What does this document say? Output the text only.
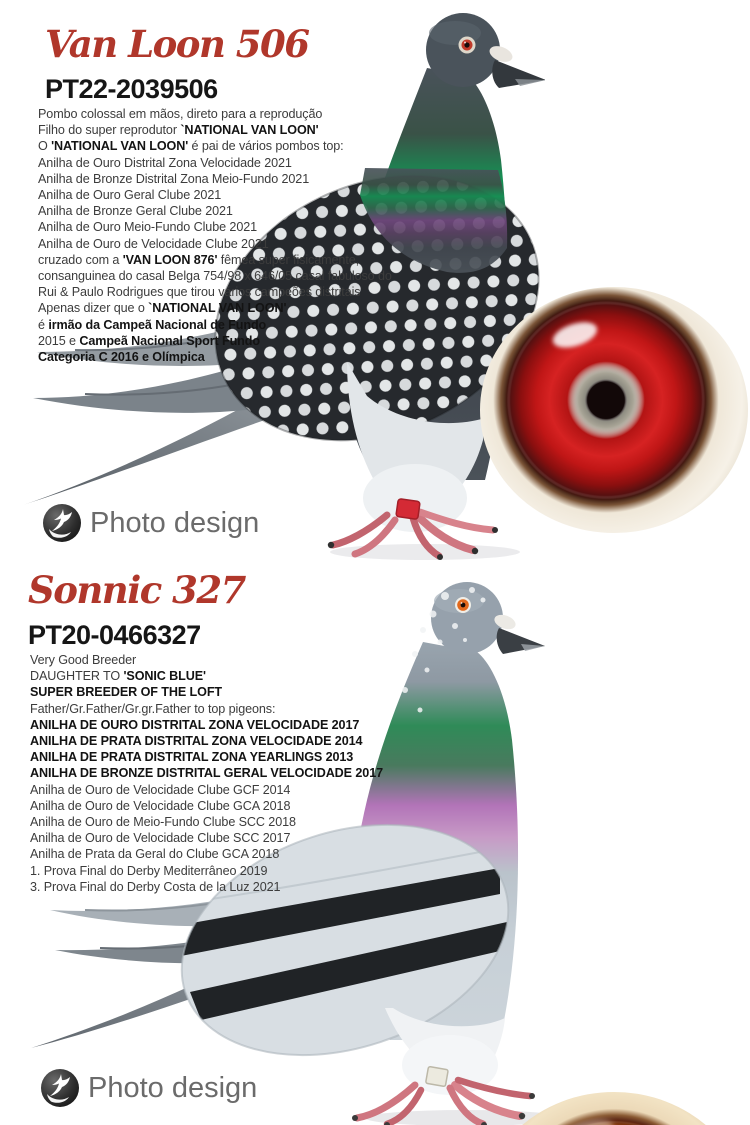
Van Loon 506
PT22-2039506
Pombo colossal em mãos, direto para a reprodução
Filho do super reprodutor `NATIONAL VAN LOON'
O 'NATIONAL VAN LOON' é pai de vários pombos top:
Anilha de Ouro Distrital Zona Velocidade 2021
Anilha de Bronze Distrital Zona Meio-Fundo 2021
Anilha de Ouro Geral Clube 2021
Anilha de Bronze Geral Clube 2021
Anilha de Ouro Meio-Fundo Clube 2021
Anilha de Ouro de Velocidade Clube 2021
cruzado com a 'VAN LOON 876' fêmea super fisicamente,
consanguinea do casal Belga 754/98 x 646/05 casal fabuloso do
Rui & Paulo Rodrigues que tirou vários campeões distritais
Apenas dizer que o `NATIONAL VAN LOON'
é irmão da Campeã Nacional de Fundo
2015 e Campeã Nacional Sport Fundo
Categoria C 2016 e Olímpica
Photo design
Sonnic 327
PT20-0466327
Very Good Breeder
DAUGHTER TO 'SONIC BLUE'
SUPER BREEDER OF THE LOFT
Father/Gr.Father/Gr.gr.Father to top pigeons:
ANILHA DE OURO DISTRITAL ZONA VELOCIDADE 2017
ANILHA DE PRATA DISTRITAL ZONA VELOCIDADE 2014
ANILHA DE PRATA DISTRITAL ZONA YEARLINGS 2013
ANILHA DE BRONZE DISTRITAL GERAL VELOCIDADE 2017
Anilha de Ouro de Velocidade Clube GCF 2014
Anilha de Ouro de Velocidade Clube GCA 2018
Anilha de Ouro de Meio-Fundo Clube SCC 2018
Anilha de Ouro de Velocidade Clube SCC 2017
Anilha de Prata da Geral do Clube GCA 2018
1. Prova Final do Derby Mediterrâneo 2019
3. Prova Final do Derby Costa de la Luz 2021
Photo design
